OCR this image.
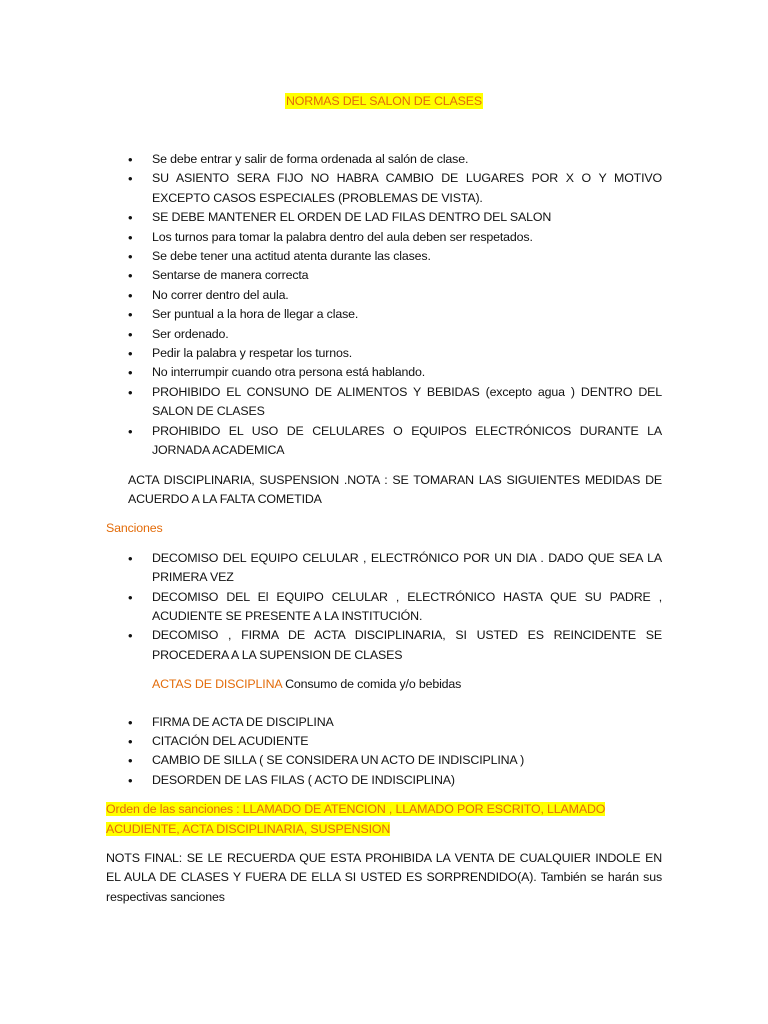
NORMAS DEL SALON DE CLASES
• Se debe entrar y salir de forma ordenada al salón de clase.
• SU ASIENTO SERA FIJO NO HABRA CAMBIO DE LUGARES POR X O Y MOTIVO EXCEPTO CASOS ESPECIALES (PROBLEMAS DE VISTA).
• SE DEBE MANTENER EL ORDEN DE LAD FILAS DENTRO DEL SALON
• Los turnos para tomar la palabra dentro del aula deben ser respetados.
• Se debe tener una actitud atenta durante las clases.
• Sentarse de manera correcta
• No correr dentro del aula.
• Ser puntual a la hora de llegar a clase.
• Ser ordenado.
• Pedir la palabra y respetar los turnos.
• No interrumpir cuando otra persona está hablando.
• PROHIBIDO EL CONSUNO DE ALIMENTOS Y BEBIDAS (excepto agua ) DENTRO DEL SALON DE CLASES
• PROHIBIDO EL USO DE CELULARES O EQUIPOS ELECTRÓNICOS DURANTE LA JORNADA ACADEMICA
ACTA DISCIPLINARIA, SUSPENSION .NOTA : SE TOMARAN LAS SIGUIENTES MEDIDAS DE ACUERDO A LA FALTA COMETIDA
Sanciones
• DECOMISO DEL EQUIPO CELULAR , ELECTRÓNICO POR UN DIA . DADO QUE SEA LA PRIMERA VEZ
• DECOMISO DEL El EQUIPO CELULAR , ELECTRÓNICO HASTA QUE SU PADRE , ACUDIENTE SE PRESENTE A LA INSTITUCIÓN.
• DECOMISO , FIRMA DE ACTA DISCIPLINARIA, SI USTED ES REINCIDENTE SE PROCEDERA A LA SUPENSION DE CLASES
ACTAS DE DISCIPLINA Consumo de comida y/o bebidas
• FIRMA DE ACTA DE DISCIPLINA
• CITACIÓN DEL ACUDIENTE
• CAMBIO DE SILLA ( SE CONSIDERA UN ACTO DE INDISCIPLINA )
• DESORDEN DE LAS FILAS ( ACTO DE INDISCIPLINA)
Orden de las sanciones : LLAMADO DE ATENCION , LLAMADO POR ESCRITO, LLAMADO ACUDIENTE, ACTA DISCIPLINARIA, SUSPENSION
NOTS FINAL: SE LE RECUERDA QUE ESTA PROHIBIDA LA VENTA DE CUALQUIER INDOLE EN EL AULA DE CLASES Y FUERA DE ELLA SI USTED ES SORPRENDIDO(A). También se harán sus respectivas sanciones
